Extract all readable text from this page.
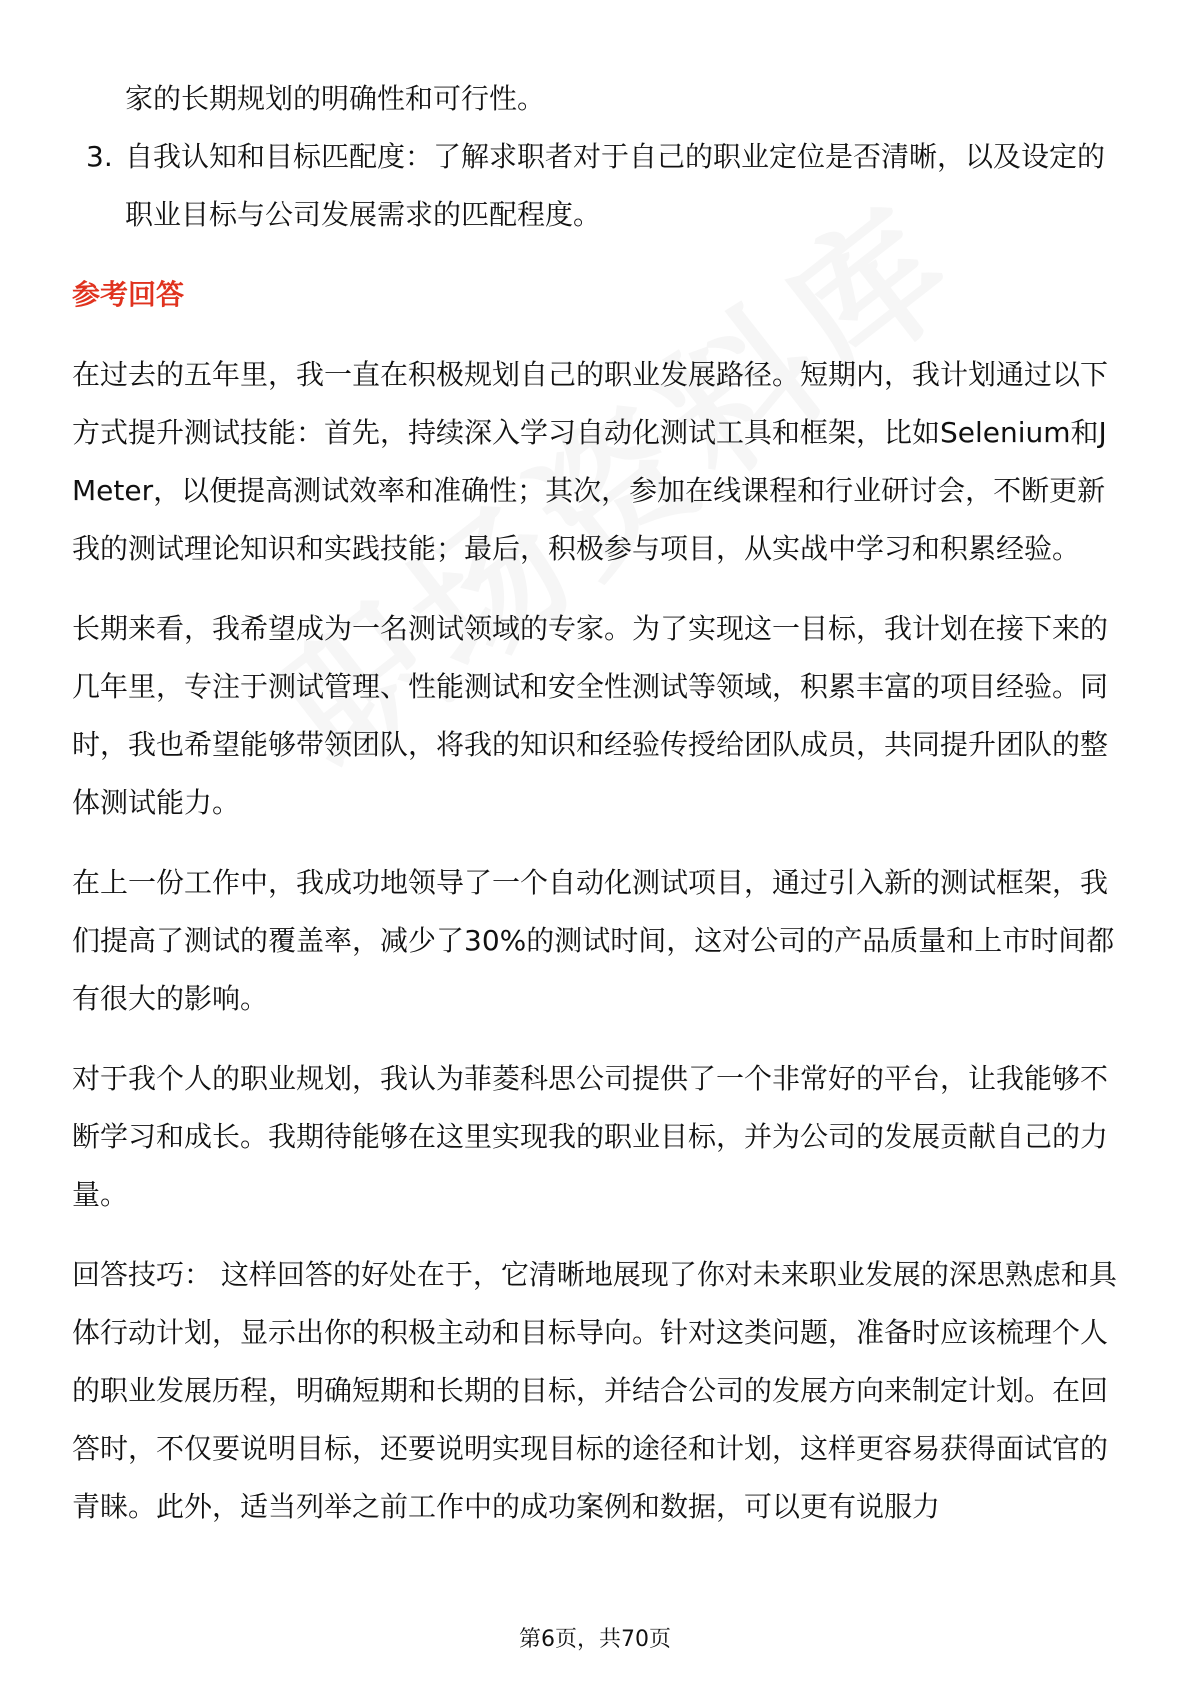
家的长期规划的明确性和可行性。

3. 自我认知和目标匹配度：了解求职者对于自己的职业定位是否清晰，以及设定的职业目标与公司发展需求的匹配程度。
参考回答

在过去的五年里，我一直在积极规划自己的职业发展路径。短期内，我计划通过以下方式提升测试技能：首先，持续深入学习自动化测试工具和框架，比如Selenium和JMeter，以便提高测试效率和准确性；其次，参加在线课程和行业研讨会，不断更新我的测试理论知识和实践技能；最后，积极参与项目，从实战中学习和积累经验。

长期来看，我希望成为一名测试领域的专家。为了实现这一目标，我计划在接下来的几年里，专注于测试管理、性能测试和安全性测试等领域，积累丰富的项目经验。同时，我也希望能够带领团队，将我的知识和经验传授给团队成员，共同提升团队的整体测试能力。

在上一份工作中，我成功地领导了一个自动化测试项目，通过引入新的测试框架，我们提高了测试的覆盖率，减少了30%的测试时间，这对公司的产品质量和上市时间都有很大的影响。

对于我个人的职业规划，我认为菲菱科思公司提供了一个非常好的平台，让我能够不断学习和成长。我期待能够在这里实现我的职业目标，并为公司的发展贡献自己的力量。

回答技巧： 这样回答的好处在于，它清晰地展现了你对未来职业发展的深思熟虑和具体行动计划，显示出你的积极主动和目标导向。针对这类问题，准备时应该梳理个人的职业发展历程，明确短期和长期的目标，并结合公司的发展方向来制定计划。在回答时，不仅要说明目标，还要说明实现目标的途径和计划，这样更容易获得面试官的青睐。此外，适当列举之前工作中的成功案例和数据，可以更有说服力

第6页，共70页
